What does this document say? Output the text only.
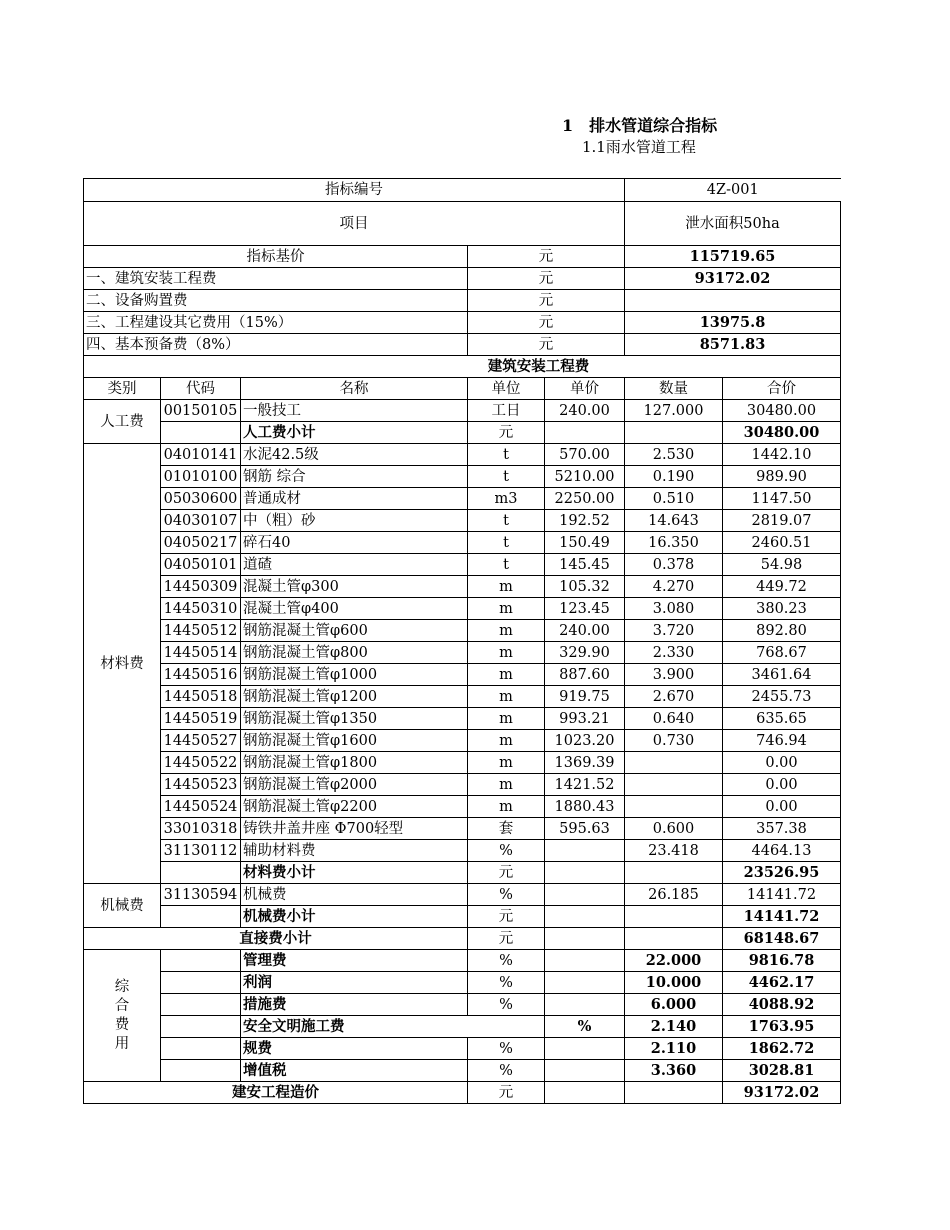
1　排水管道综合指标
1.1雨水管道工程
指标编号					4Z-001	
项目					泄水面积50ha	
指标基价			元		115719.65	
一、建筑安装工程费			元		93172.02	
二、设备购置费			元			
三、工程建设其它费用（15%）			元		13975.8	
四、基本预备费（8%）			元		8571.83	
建筑安装工程费						
类别	代码	名称	单位	单价	数量	合价
人工费	00150105	一般技工	工日	240.00	127.000	30480.00
		人工费小计	元			30480.00
材料费	04010141	水泥42.5级	t	570.00	2.530	1442.10
	01010100	钢筋 综合	t	5210.00	0.190	989.90
	05030600	普通成材	m3	2250.00	0.510	1147.50
	04030107	中（粗）砂	t	192.52	14.643	2819.07
	04050217	碎石40	t	150.49	16.350	2460.51
	04050101	道碴	t	145.45	0.378	54.98
	14450309	混凝土管φ300	m	105.32	4.270	449.72
	14450310	混凝土管φ400	m	123.45	3.080	380.23
	14450512	钢筋混凝土管φ600	m	240.00	3.720	892.80
	14450514	钢筋混凝土管φ800	m	329.90	2.330	768.67
	14450516	钢筋混凝土管φ1000	m	887.60	3.900	3461.64
	14450518	钢筋混凝土管φ1200	m	919.75	2.670	2455.73
	14450519	钢筋混凝土管φ1350	m	993.21	0.640	635.65
	14450527	钢筋混凝土管φ1600	m	1023.20	0.730	746.94
	14450522	钢筋混凝土管φ1800	m	1369.39		0.00
	14450523	钢筋混凝土管φ2000	m	1421.52		0.00
	14450524	钢筋混凝土管φ2200	m	1880.43		0.00
	33010318	铸铁井盖井座 Φ700轻型	套	595.63	0.600	357.38
	31130112	辅助材料费	%		23.418	4464.13
		材料费小计	元			23526.95
机械费	31130594	机械费	%		26.185	14141.72
		机械费小计	元			14141.72
直接费小计			元			68148.67
综合费用		管理费	%		22.000	9816.78
		利润	%		10.000	4462.17
		措施费	%		6.000	4088.92
		安全文明施工费		%	2.140	1763.95
		规费	%		2.110	1862.72
		增值税	%		3.360	3028.81
建安工程造价			元			93172.02
